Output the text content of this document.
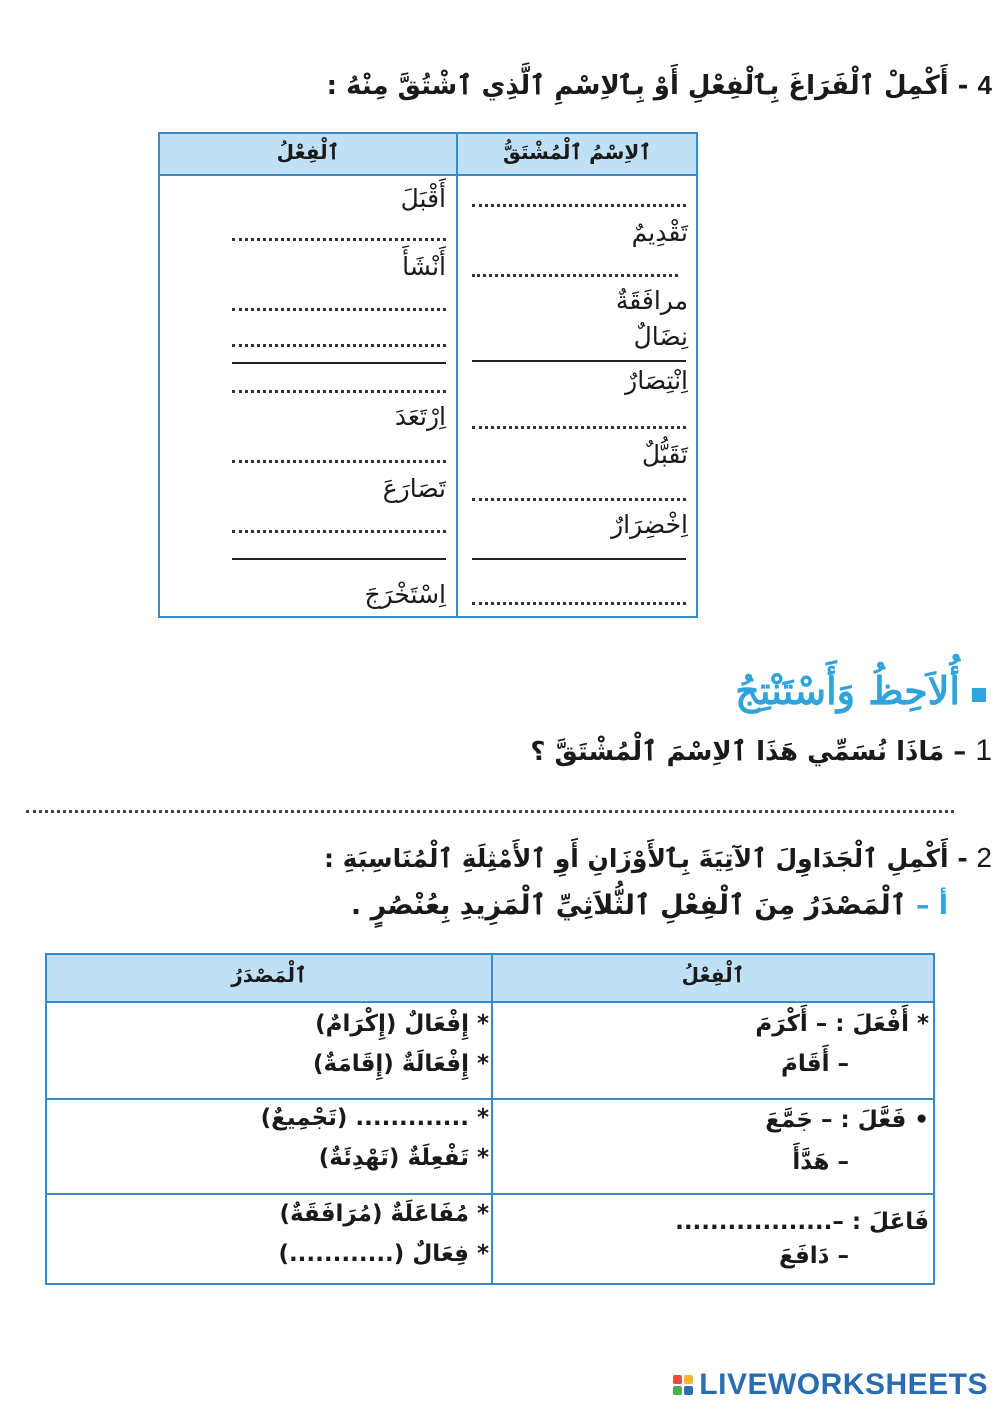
4 - أَكْمِلْ ٱلْفَرَاغَ بِٱلْفِعْلِ أَوْ بِٱلاِسْمِ ٱلَّذِي ٱشْتُقَّ مِنْهُ :
ٱلْفِعْلُ	ٱلاِسْمُ ٱلْمُشْتَقُّ
أَقْبَلَ
أَنْشَأَ
اِرْتَعَدَ
تَصَارَعَ
اِسْتَخْرَجَ
تَقْدِيمٌ
مرافَقَةٌ
نِضَالٌ
اِنْتِصَارٌ
تَقَبُّلٌ
اِخْضِرَارٌ
أُلاَحِظُ وَأَسْتَنْتِجُ
1 – مَاذَا نُسَمِّي هَذَا ٱلاِسْمَ ٱلْمُشْتَقَّ ؟
2 - أَكْمِلِ ٱلْجَدَاوِلَ ٱلآتِيَةَ بِٱلأَوْزَانِ أَوِ ٱلأَمْثِلَةِ ٱلْمُنَاسِبَةِ :
أ – ٱلْمَصْدَرُ مِنَ ٱلْفِعْلِ ٱلثُّلاَثِيِّ ٱلْمَزِيدِ بِعُنْصُرٍ .
ٱلْمَصْدَرُ	ٱلْفِعْلُ
* أَفْعَلَ : – أَكْرَمَ
– أَقَامَ
* إِفْعَالٌ (إِكْرَامٌ)
* إِفْعَالَةٌ (إِقَامَةٌ)
• فَعَّلَ : – جَمَّعَ
– هَدَّأَ
* ............. (تَجْمِيعٌ)
* تَفْعِلَةٌ (تَهْدِئَةٌ)
فَاعَلَ : –..................
– دَافَعَ
* مُفَاعَلَةٌ (مُرَافَقَةٌ)
* فِعَالٌ (............)
LIVEWORKSHEETS
